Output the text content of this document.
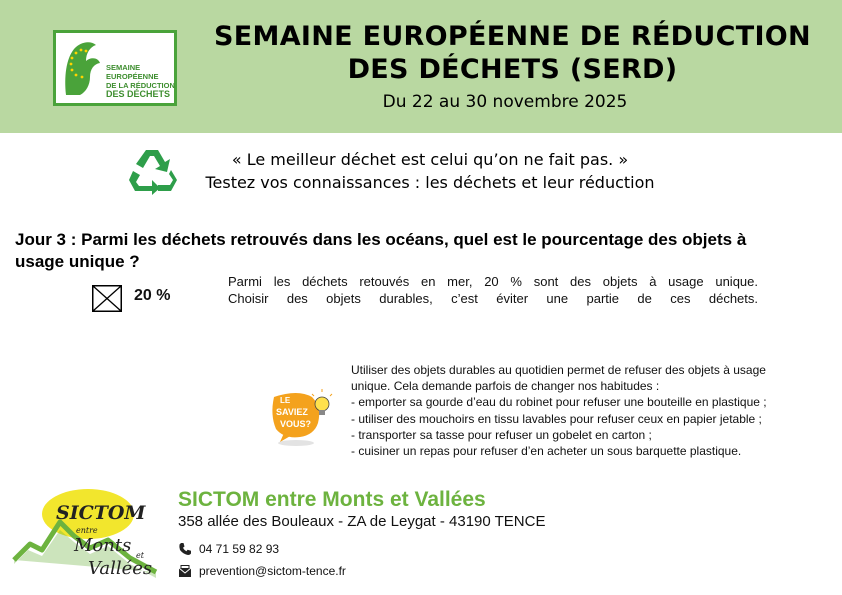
SEMAINE EUROPÉENNE
DE LA RÉDUCTION
DES DÉCHETS
SEMAINE EUROPÉENNE DE RÉDUCTION
DES DÉCHETS (SERD)
Du 22 au 30 novembre 2025
« Le meilleur déchet est celui qu’on ne fait pas. »
Testez vos connaissances : les déchets et leur réduction
Jour 3 : Parmi les déchets retrouvés dans les océans, quel est le pourcentage des objets à
usage unique ?
20 %
Parmi les déchets retouvés en mer, 20 % sont des objets à usage unique.
Choisir des objets durables, c’est éviter une partie de ces déchets.
LE
SAVIEZ
VOUS?
Utiliser des objets durables au quotidien permet de refuser des objets à usage
unique. Cela demande parfois de changer nos habitudes :
- emporter sa gourde d’eau du robinet pour refuser une bouteille en plastique ;
- utiliser des mouchoirs en tissu lavables pour refuser ceux en papier jetable ;
- transporter sa tasse pour refuser un gobelet en carton ;
- cuisiner un repas pour refuser d’en acheter un sous barquette plastique.
SICTOM
entre
Monts et
Vallées
SICTOM entre Monts et Vallées
358 allée des Bouleaux - ZA de Leygat - 43190 TENCE
04 71 59 82 93
prevention@sictom-tence.fr
